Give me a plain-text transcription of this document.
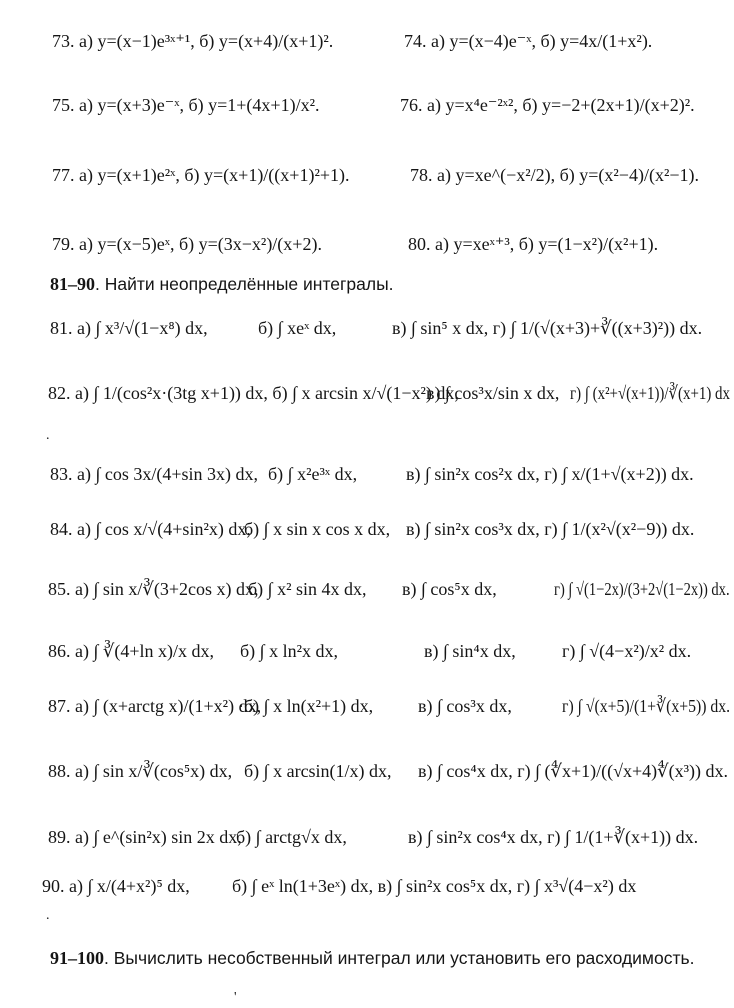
73. а) y=(x−1)e³ˣ⁺¹, б) y=(x+4)/(x+1)².	74. а) y=(x−4)e⁻ˣ, б) y=4x/(1+x²).
75. а) y=(x+3)e⁻ˣ, б) y=1+(4x+1)/x².	76. а) y=x⁴e⁻²ˣ², б) y=−2+(2x+1)/(x+2)².
77. а) y=(x+1)e²ˣ, б) y=(x+1)/((x+1)²+1).	78. а) y=xe^(−x²/2), б) y=(x²−4)/(x²−1).
79. а) y=(x−5)eˣ, б) y=(3x−x²)/(x+2).	80. а) y=xeˣ⁺³, б) y=(1−x²)/(x²+1).
81. а) ∫ x³/√(1−x⁸) dx,	б) ∫ xeˣ dx,	в) ∫ sin⁵ x dx, г) ∫ 1/(√(x+3)+∛((x+3)²)) dx.
82. а) ∫ 1/(cos²x·(3tg x+1)) dx, б) ∫ x arcsin x/√(1−x²) dx,
в) ∫ cos³x/sin x dx, г) ∫ (x²+√(x+1))/∛(x+1) dx
83. а) ∫ cos 3x/(4+sin 3x) dx, б) ∫ x²e³ˣ dx,	в) ∫ sin²x cos²x dx, г) ∫ x/(1+√(x+2)) dx.
84. а) ∫ cos x/√(4+sin²x) dx,
б) ∫ x sin x cos x dx, в) ∫ sin²x cos³x dx, г) ∫ 1/(x²√(x²−9)) dx.
85. а) ∫ sin x/∛(3+2cos x) dx,
б) ∫ x² sin 4x dx, в) ∫ cos⁵x dx,	г) ∫ √(1−2x)/(3+2√(1−2x)) dx.
86. а) ∫ ∛(4+ln x)/x dx, б) ∫ x ln²x dx,	в) ∫ sin⁴x dx,	г) ∫ √(4−x²)/x² dx.
87. а) ∫ (x+arctg x)/(1+x²) dx,
·б) ∫ x ln(x²+1) dx, в) ∫ cos³x dx,	г) ∫ √(x+5)/(1+∛(x+5)) dx.
88. а) ∫ sin x/∛(cos⁵x) dx, б) ∫ x arcsin(1/x) dx, в) ∫ cos⁴x dx, г) ∫ (∜x+1)/((√x+4)∜(x³)) dx.
89. а) ∫ e^(sin²x) sin 2x dx,
б) ∫ arctg√x dx,	в) ∫ sin²x cos⁴x dx, г) ∫ 1/(1+∛(x+1)) dx.
90. а) ∫ x/(4+x²)⁵ dx, б) ∫ eˣ ln(1+3eˣ) dx, в) ∫ sin²x cos⁵x dx, г) ∫ x³√(4−x²) dx
81–90. Найти неопределённые интегралы.
91–100. Вычислить несобственный интеграл или установить его расходимость.
.
.
'
